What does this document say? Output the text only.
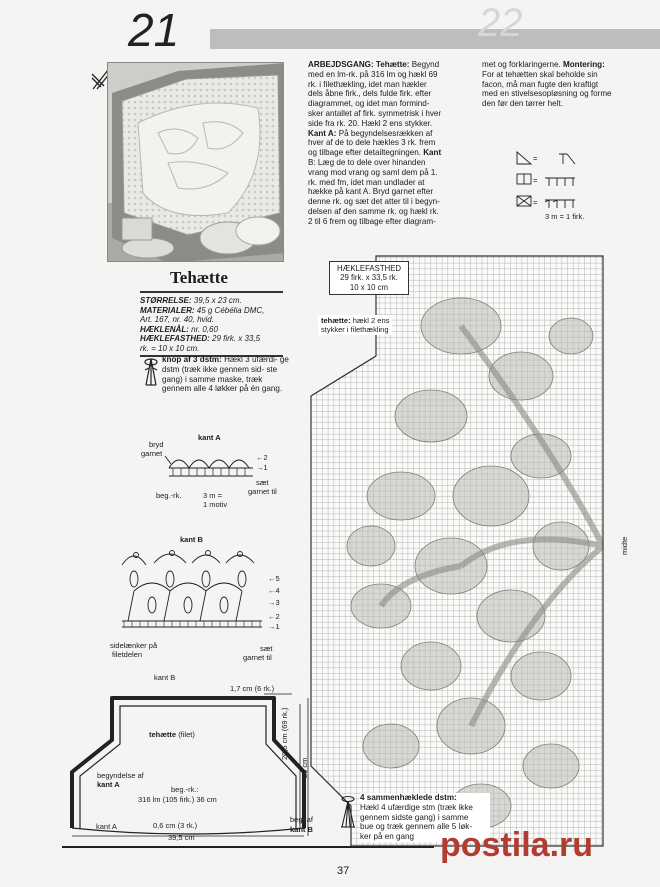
21	22
Tehætte
STØRRELSE: 39,5 x 23 cm.
MATERIALER: 45 g Cébélia DMC,
Art. 167, nr. 40, hvid.
HÆKLENÅL: nr. 0,60
HÆKLEFASTHED: 29 firk. x 33,5
rk. = 10 x 10 cm.
knop af 3 dstm: Hækl 3 ufærdi- ge dstm (træk ikke gennem sid- ste gang) i samme maske, træk gennem alle 4 løkker på én gang.
kant A
bryd
garnet	←2
→1
beg.-rk.	3 m =
1 motiv
sæt
garnet til
kant B
←5
←4
→3
←2
→1
sidelænker på
filetdelen
sæt
garnet til
kant B
1,7 cm (6 rk.)
tehætte (filet)
begyndelse af
kant A
beg.-rk.:
316 lm (105 firk.) 36 cm
20,5 cm (69 rk.)
23 cm
0,6 cm (3 rk.)
39,5 cm
kant A
beg. af
kant B
ARBEJDSGANG: Tehætte: Begynd
med en lm-rk. på 316 lm og hækl 69
rk. i filethækling, idet man hækler
dels åbne firk., dels fulde firk. efter
diagrammet, og idet man formind-
sker antallet af firk. symmetrisk i hver
side fra rk. 20. Hækl 2 ens stykker.
Kant A: På begyndelsesrækken af
hver af de to dele hækles 3 rk. frem
og tilbage efter detailtegningen. Kant
B: Læg de to dele over hinanden
vrang mod vrang og saml dem på 1.
rk. med fm, idet man undlader at
hække på kant A. Bryd garnet efter
denne rk. og sæt det atter til i begyn-
delsen af den samme rk. og hækl rk.
2 til 6 frem og tilbage efter diagram-
met og forklaringerne. Montering:
For at tehætten skal beholde sin
facon, må man fugte den kraftigt
med en stivelsesopløsning og forme
den før den tørrer helt.
=
=
=
3 m = 1 firk.
HÆKLEFASTHED
29 firk. x 33,5 rk.
10 x 10 cm
tehætte: hækl 2 ens
stykker i filethækling
midte
4 sammenhæklede dstm:
Hækl 4 ufærdige stm (træk ikke
gennem sidste gang) i samme
bue og træk gennem alle 5 løk-
ker på en gang
37
postila.ru
